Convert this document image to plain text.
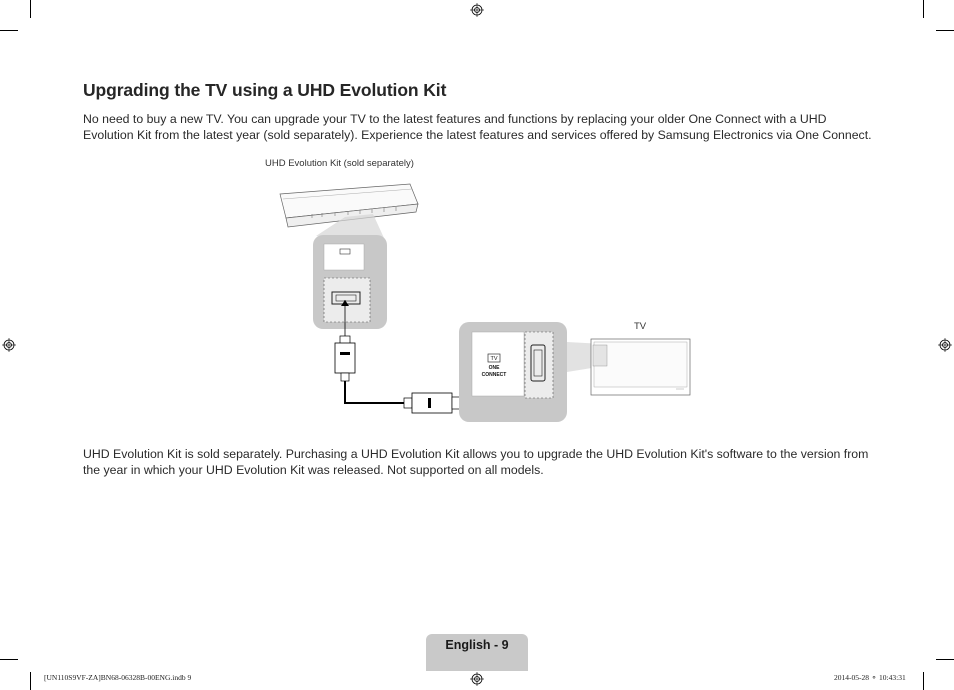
Upgrading the TV using a UHD Evolution Kit
No need to buy a new TV. You can upgrade your TV to the latest features and functions by replacing your older One Connect with a UHD Evolution Kit from the latest year (sold separately). Experience the latest features and services offered by Samsung Electronics via One Connect.
UHD Evolution Kit (sold separately)
TV
UHD Evolution Kit is sold separately. Purchasing a UHD Evolution Kit allows you to upgrade the UHD Evolution Kit's software to the version from the year in which your UHD Evolution Kit was released. Not supported on all models.
TV
ONE
CONNECT
English - 9
[UN110S9VF-ZA]BN68-06328B-00ENG.indb 9	2014-05-28 ⚬ 10:43:31
